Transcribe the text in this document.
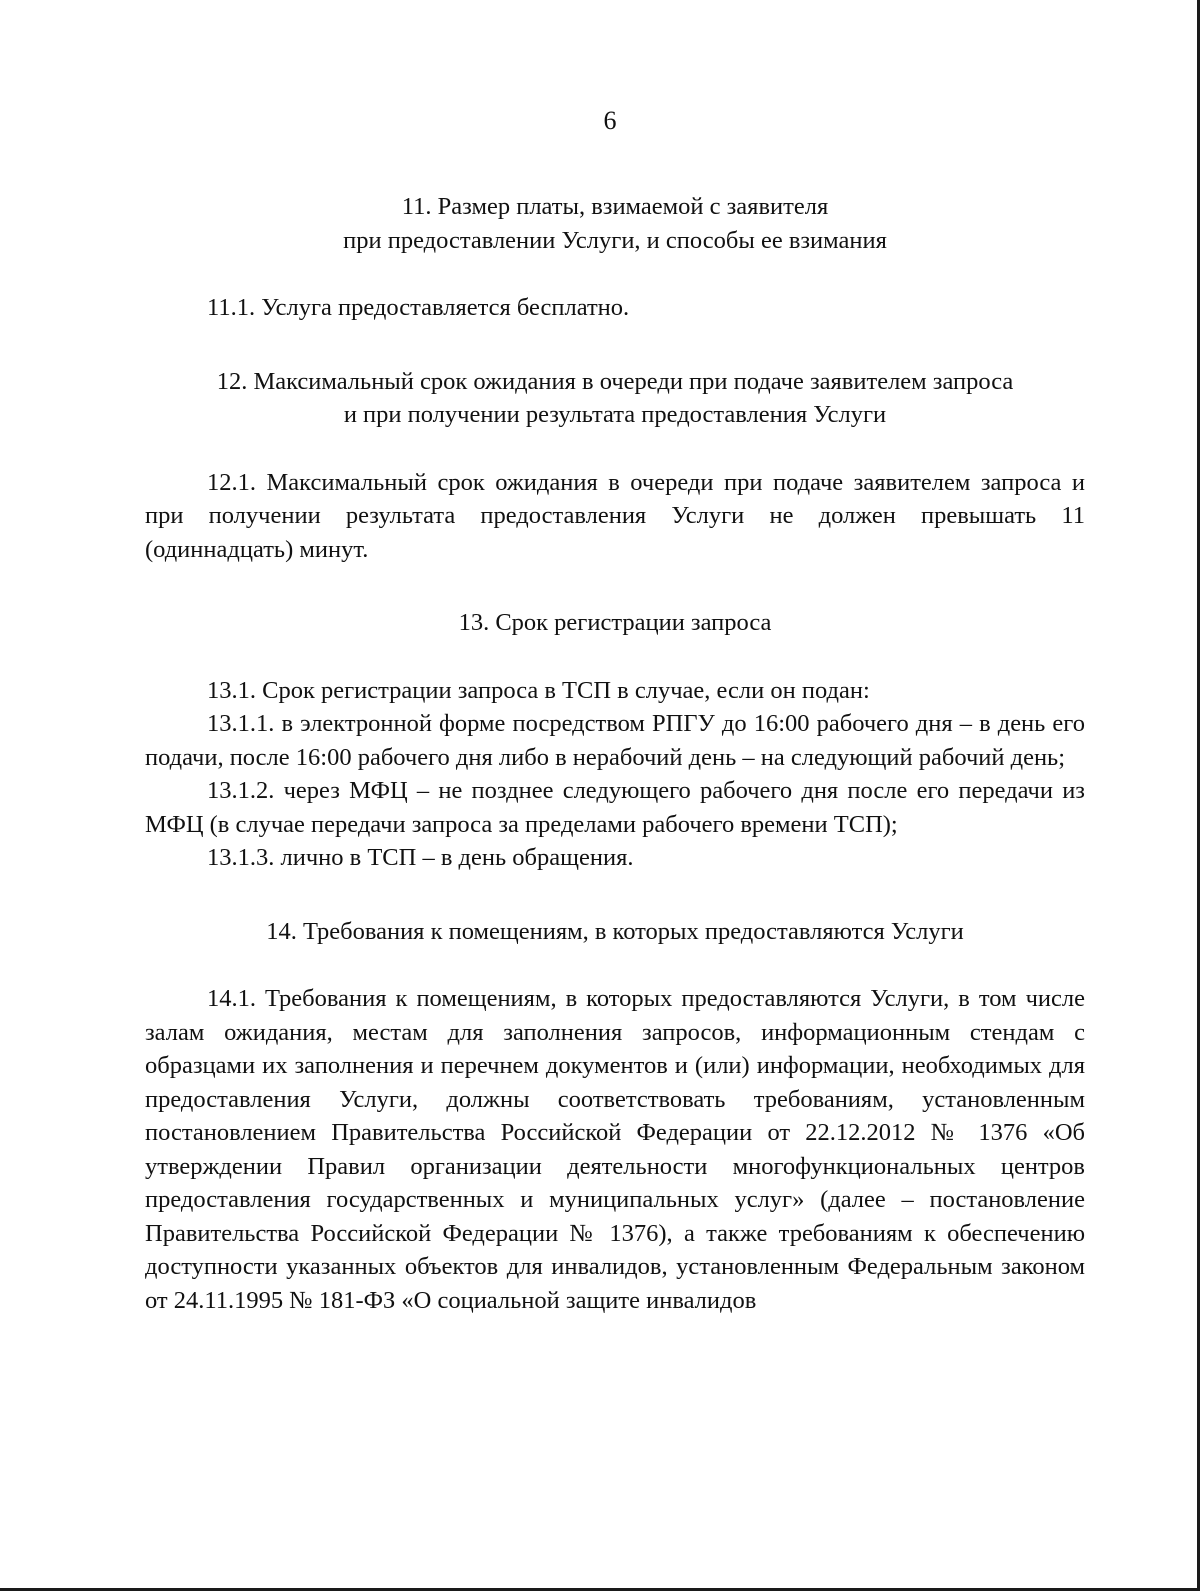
6
11. Размер платы, взимаемой с заявителя
при предоставлении Услуги, и способы ее взимания

11.1. Услуга предоставляется бесплатно.

12. Максимальный срок ожидания в очереди при подаче заявителем запроса
и при получении результата предоставления Услуги

12.1. Максимальный срок ожидания в очереди при подаче заявителем запроса и при получении результата предоставления Услуги не должен превышать 11 (одиннадцать) минут.

13. Срок регистрации запроса

13.1. Срок регистрации запроса в ТСП в случае, если он подан:

13.1.1. в электронной форме посредством РПГУ до 16:00 рабочего дня – в день его подачи, после 16:00 рабочего дня либо в нерабочий день – на следующий рабочий день;

13.1.2. через МФЦ – не позднее следующего рабочего дня после его передачи из МФЦ (в случае передачи запроса за пределами рабочего времени ТСП);

13.1.3. лично в ТСП – в день обращения.

14. Требования к помещениям, в которых предоставляются Услуги

14.1. Требования к помещениям, в которых предоставляются Услуги, в том числе залам ожидания, местам для заполнения запросов, информационным стендам с образцами их заполнения и перечнем документов и (или) информации, необходимых для предоставления Услуги, должны соответствовать требованиям, установленным постановлением Правительства Российской Федерации от 22.12.2012 № 1376 «Об утверждении Правил организации деятельности многофункциональных центров предоставления государственных и муниципальных услуг» (далее – постановление Правительства Российской Федерации № 1376), а также требованиям к обеспечению доступности указанных объектов для инвалидов, установленным Федеральным законом от 24.11.1995 № 181-ФЗ «О социальной защите инвалидов
